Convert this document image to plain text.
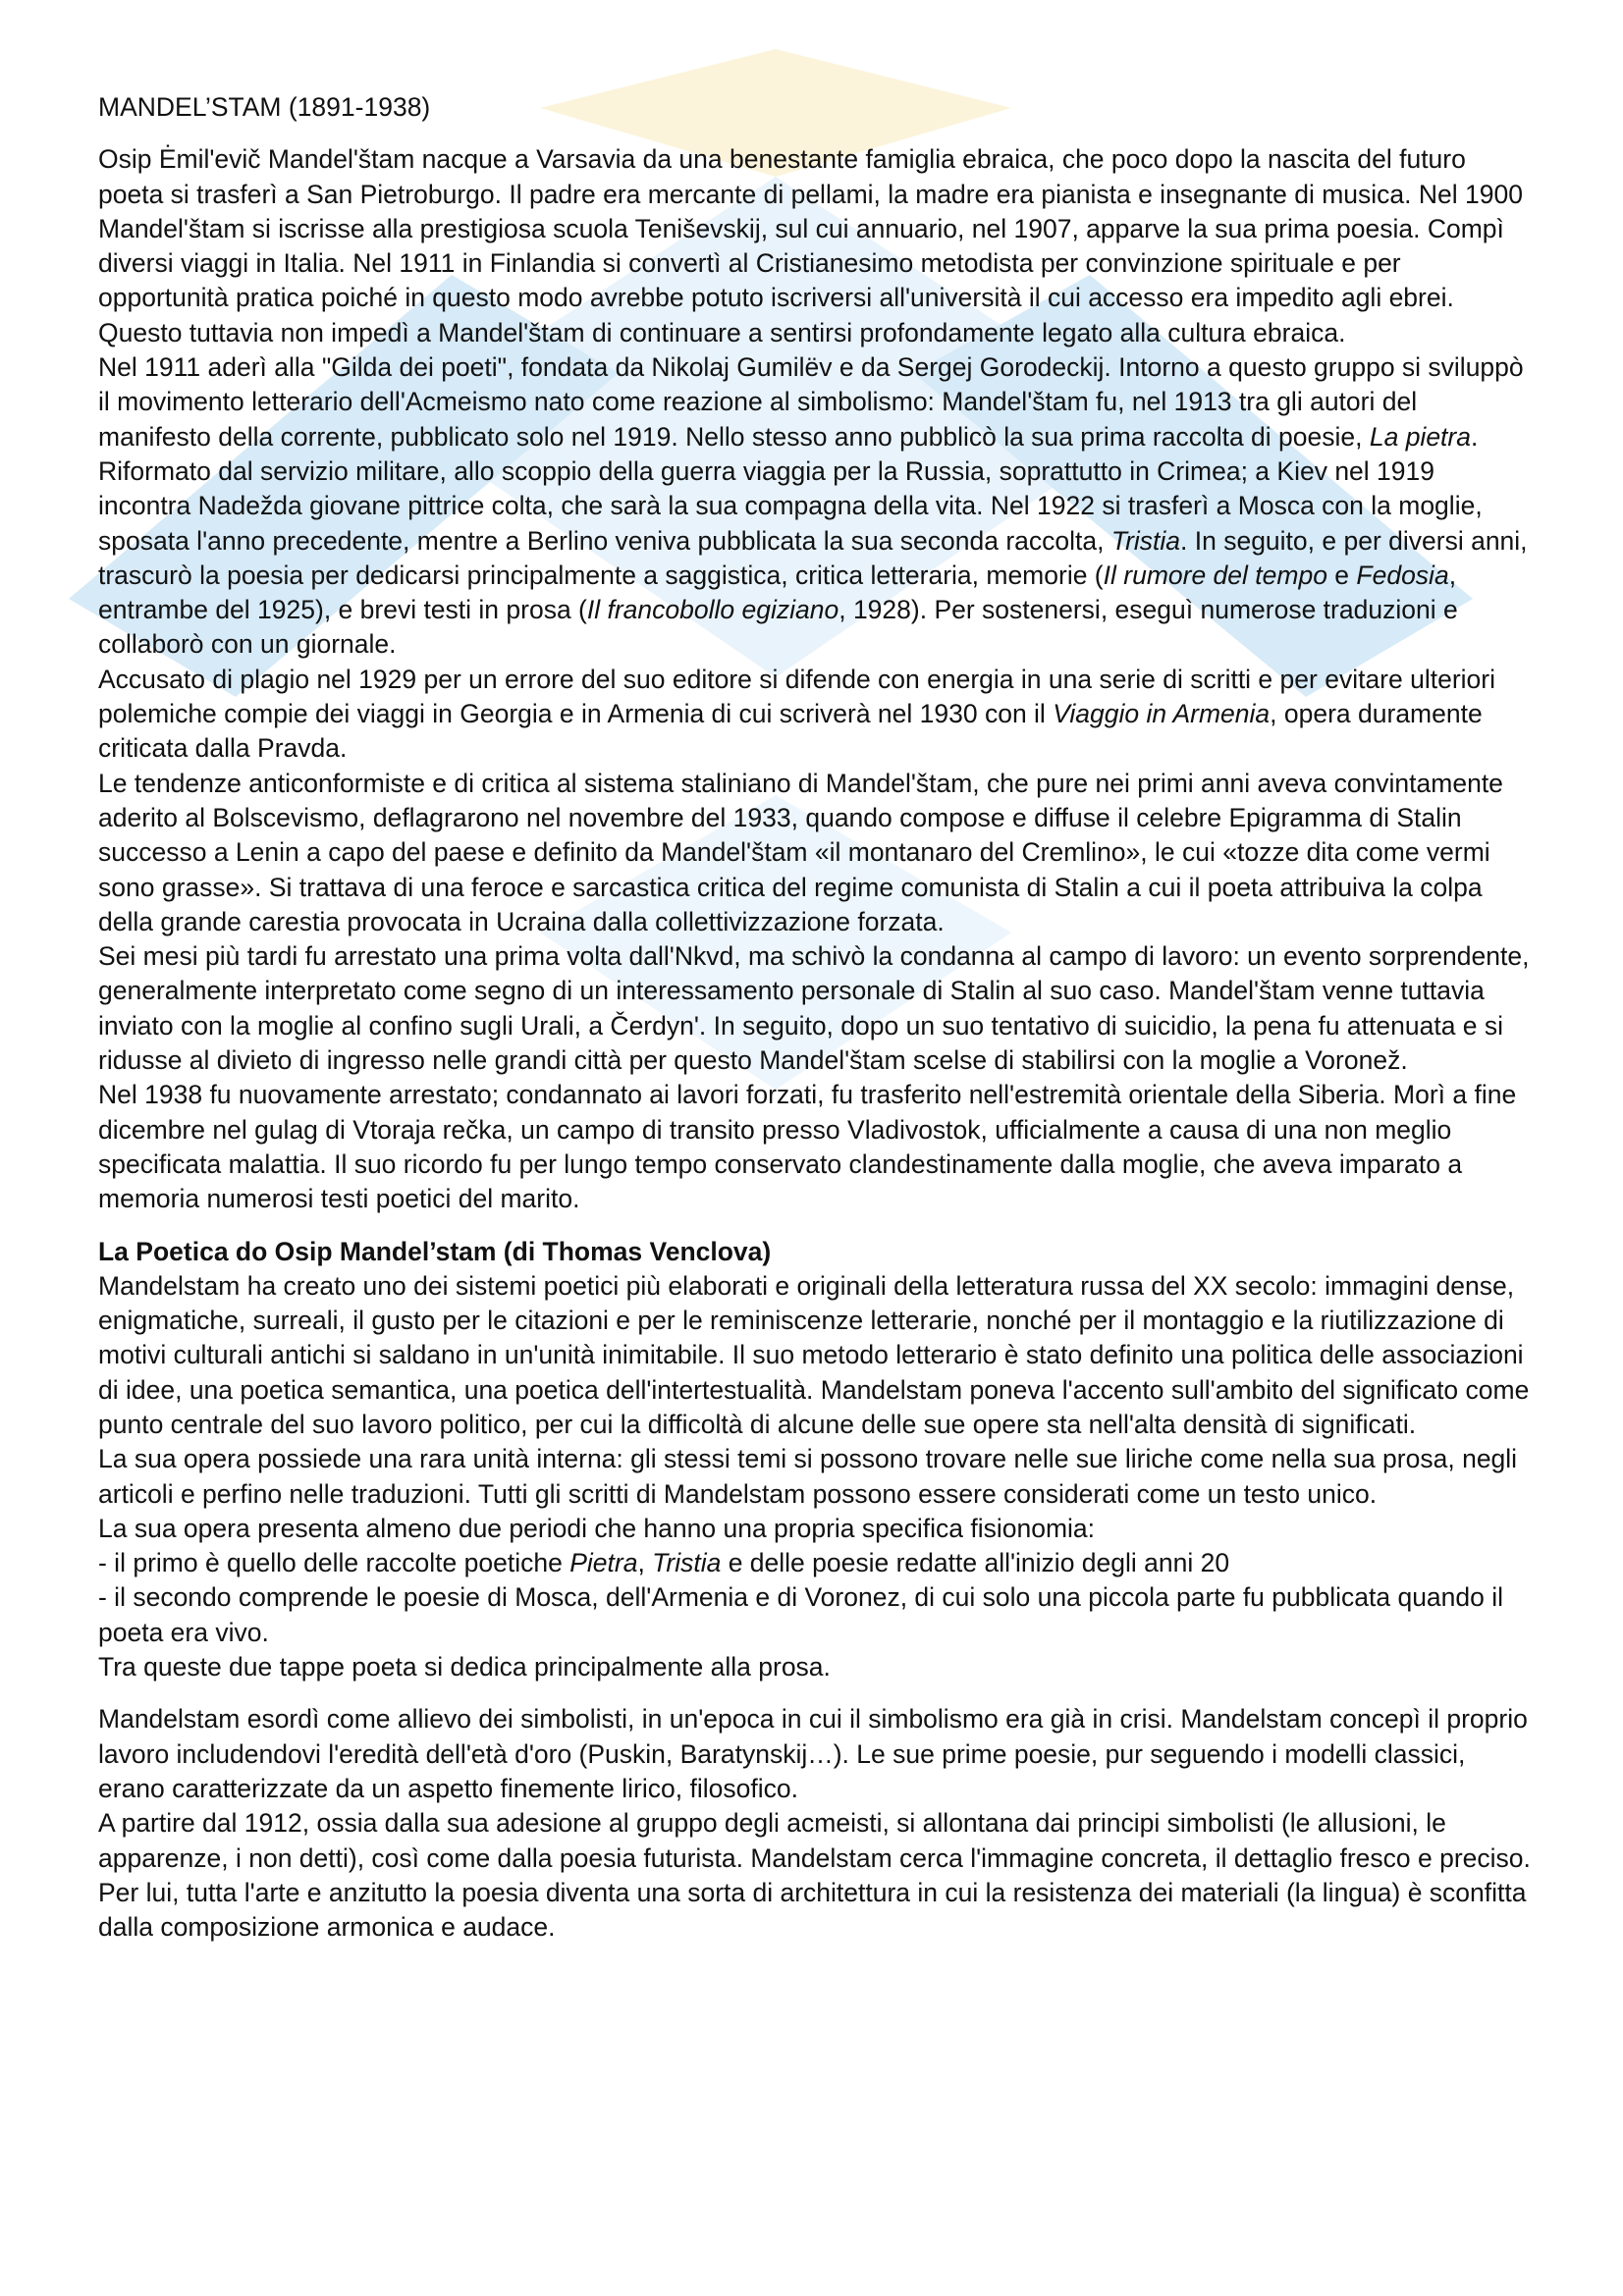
MANDEL’STAM (1891-1938)

Osip Ėmil'evič Mandel'štam nacque a Varsavia da una benestante famiglia ebraica, che poco dopo la nascita del futuro poeta si trasferì a San Pietroburgo. Il padre era mercante di pellami, la madre era pianista e insegnante di musica. Nel 1900 Mandel'štam si iscrisse alla prestigiosa scuola Teniševskij, sul cui annuario, nel 1907, apparve la sua prima poesia. Compì diversi viaggi in Italia. Nel 1911 in Finlandia si convertì al Cristianesimo metodista per convinzione spirituale e per opportunità pratica poiché in questo modo avrebbe potuto iscriversi all'università il cui accesso era impedito agli ebrei. Questo tuttavia non impedì a Mandel'štam di continuare a sentirsi profondamente legato alla cultura ebraica.

Nel 1911 aderì alla "Gilda dei poeti", fondata da Nikolaj Gumilëv e da Sergej Gorodeckij. Intorno a questo gruppo si sviluppò il movimento letterario dell'Acmeismo nato come reazione al simbolismo: Mandel'štam fu, nel 1913 tra gli autori del manifesto della corrente, pubblicato solo nel 1919. Nello stesso anno pubblicò la sua prima raccolta di poesie, La pietra.

Riformato dal servizio militare, allo scoppio della guerra viaggia per la Russia, soprattutto in Crimea; a Kiev nel 1919 incontra Nadežda giovane pittrice colta, che sarà la sua compagna della vita. Nel 1922 si trasferì a Mosca con la moglie, sposata l'anno precedente, mentre a Berlino veniva pubblicata la sua seconda raccolta, Tristia. In seguito, e per diversi anni, trascurò la poesia per dedicarsi principalmente a saggistica, critica letteraria, memorie (Il rumore del tempo e Fedosia, entrambe del 1925), e brevi testi in prosa (Il francobollo egiziano, 1928). Per sostenersi, eseguì numerose traduzioni e collaborò con un giornale.

Accusato di plagio nel 1929 per un errore del suo editore si difende con energia in una serie di scritti e per evitare ulteriori polemiche compie dei viaggi in Georgia e in Armenia di cui scriverà nel 1930 con il Viaggio in Armenia, opera duramente criticata dalla Pravda.

Le tendenze anticonformiste e di critica al sistema staliniano di Mandel'štam, che pure nei primi anni aveva convintamente aderito al Bolscevismo, deflagrarono nel novembre del 1933, quando compose e diffuse il celebre Epigramma di Stalin successo a Lenin a capo del paese e definito da Mandel'štam «il montanaro del Cremlino», le cui «tozze dita come vermi sono grasse». Si trattava di una feroce e sarcastica critica del regime comunista di Stalin a cui il poeta attribuiva la colpa della grande carestia provocata in Ucraina dalla collettivizzazione forzata.

Sei mesi più tardi fu arrestato una prima volta dall'Nkvd, ma schivò la condanna al campo di lavoro: un evento sorprendente, generalmente interpretato come segno di un interessamento personale di Stalin al suo caso. Mandel'štam venne tuttavia inviato con la moglie al confino sugli Urali, a Čerdyn'. In seguito, dopo un suo tentativo di suicidio, la pena fu attenuata e si ridusse al divieto di ingresso nelle grandi città per questo Mandel'štam scelse di stabilirsi con la moglie a Voronež.

Nel 1938 fu nuovamente arrestato; condannato ai lavori forzati, fu trasferito nell'estremità orientale della Siberia. Morì a fine dicembre nel gulag di Vtoraja rečka, un campo di transito presso Vladivostok, ufficialmente a causa di una non meglio specificata malattia. Il suo ricordo fu per lungo tempo conservato clandestinamente dalla moglie, che aveva imparato a memoria numerosi testi poetici del marito.

La Poetica do Osip Mandel’stam (di Thomas Venclova)

Mandelstam ha creato uno dei sistemi poetici più elaborati e originali della letteratura russa del XX secolo: immagini dense, enigmatiche, surreali, il gusto per le citazioni e per le reminiscenze letterarie, nonché per il montaggio e la riutilizzazione di motivi culturali antichi si saldano in un'unità inimitabile. Il suo metodo letterario è stato definito una politica delle associazioni di idee, una poetica semantica, una poetica dell'intertestualità. Mandelstam poneva l'accento sull'ambito del significato come punto centrale del suo lavoro politico, per cui la difficoltà di alcune delle sue opere sta nell'alta densità di significati.

La sua opera possiede una rara unità interna: gli stessi temi si possono trovare nelle sue liriche come nella sua prosa, negli articoli e perfino nelle traduzioni. Tutti gli scritti di Mandelstam possono essere considerati come un testo unico.

La sua opera presenta almeno due periodi che hanno una propria specifica fisionomia:

- il primo è quello delle raccolte poetiche Pietra, Tristia e delle poesie redatte all'inizio degli anni 20

- il secondo comprende le poesie di Mosca, dell'Armenia e di Voronez, di cui solo una piccola parte fu pubblicata quando il poeta era vivo.

Tra queste due tappe poeta si dedica principalmente alla prosa.

Mandelstam esordì come allievo dei simbolisti, in un'epoca in cui il simbolismo era già in crisi. Mandelstam concepì il proprio lavoro includendovi l'eredità dell'età d'oro (Puskin, Baratynskij…). Le sue prime poesie, pur seguendo i modelli classici, erano caratterizzate da un aspetto finemente lirico, filosofico.

A partire dal 1912, ossia dalla sua adesione al gruppo degli acmeisti, si allontana dai principi simbolisti (le allusioni, le apparenze, i non detti), così come dalla poesia futurista. Mandelstam cerca l'immagine concreta, il dettaglio fresco e preciso. Per lui, tutta l'arte e anzitutto la poesia diventa una sorta di architettura in cui la resistenza dei materiali (la lingua) è sconfitta dalla composizione armonica e audace.
